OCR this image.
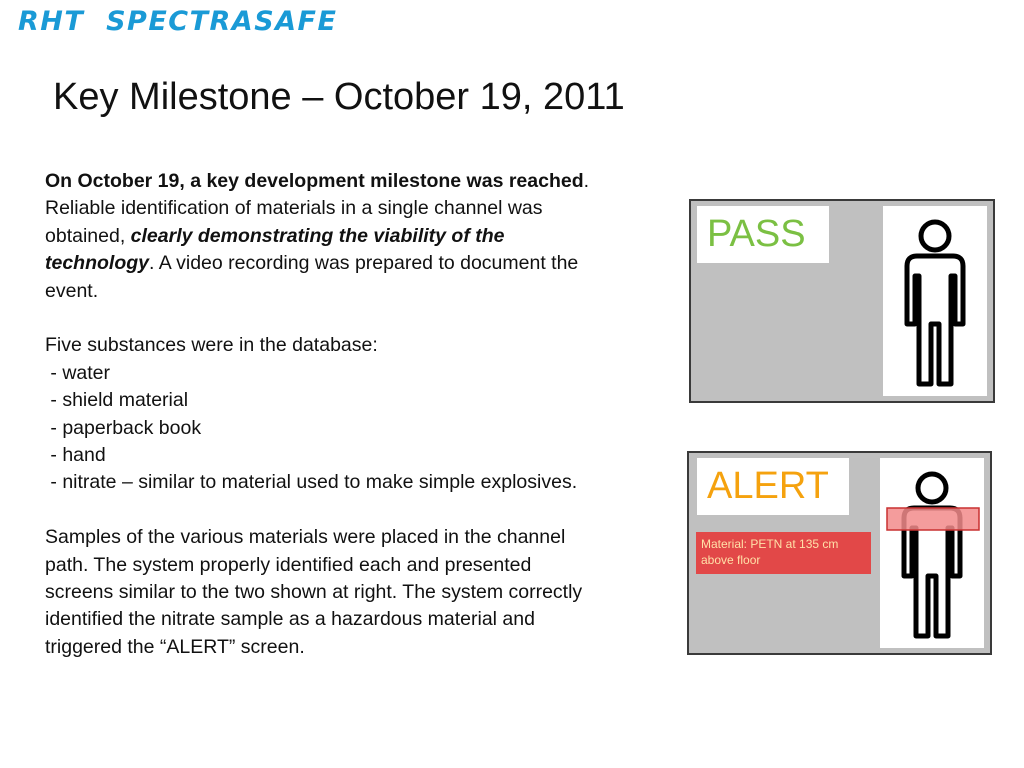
RHT  SPECTRASAFE
Key Milestone – October 19, 2011

On October 19, a key development milestone was reached. Reliable identification of materials in a single channel was obtained, clearly demonstrating the viability of the technology. A video recording was prepared to document the event.

Five substances were in the database:

- water
- shield material
- paperback book
- hand
- nitrate – similar to material used to make simple explosives.

Samples of the various materials were placed in the channel path. The system properly identified each and presented screens similar to the two shown at right. The system correctly identified the nitrate sample as a hazardous material and triggered the “ALERT” screen.

PASS
ALERT
Material: PETN at 135 cm above floor
